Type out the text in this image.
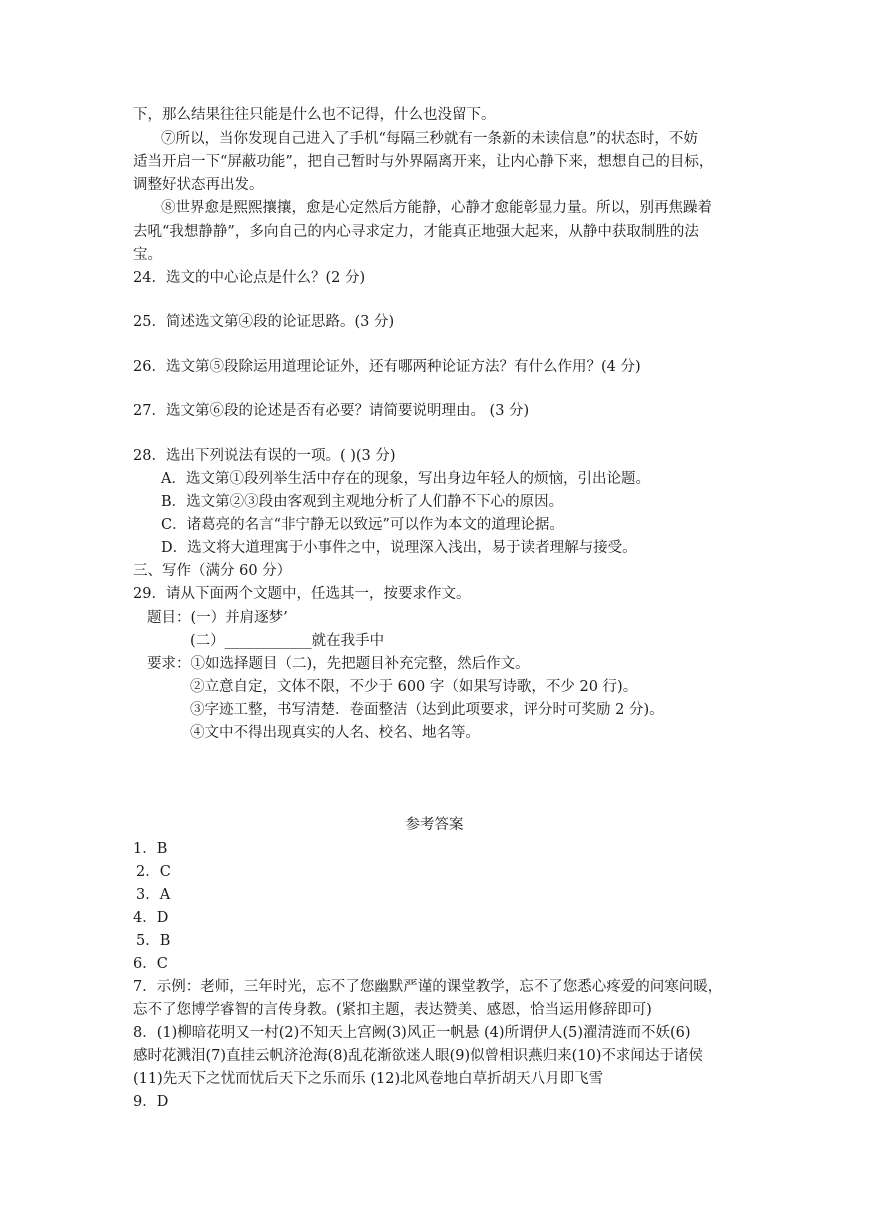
下，那么结果往往只能是什么也不记得，什么也没留下。
⑦所以，当你发现自己进入了手机“每隔三秒就有一条新的未读信息”的状态时，不妨
适当开启一下“屏蔽功能”，把自己暂时与外界隔离开来，让内心静下来，想想自己的目标，
调整好状态再出发。
⑧世界愈是熙熙攘攘，愈是心定然后方能静，心静才愈能彰显力量。所以，别再焦躁着
去吼“我想静静”，多向自己的内心寻求定力，才能真正地强大起来，从静中获取制胜的法
宝。
24．选文的中心论点是什么？(2 分)
25．简述选文第④段的论证思路。(3 分)
26．选文第⑤段除运用道理论证外，还有哪两种论证方法？有什么作用？(4 分)
27．选文第⑥段的论述是否有必要？请简要说明理由。 (3 分)
28．选出下列说法有误的一项。( )(3 分)
A．选文第①段列举生活中存在的现象，写出身边年轻人的烦恼，引出论题。
B．选文第②③段由客观到主观地分析了人们静不下心的原因。
C．诸葛亮的名言“非宁静无以致远”可以作为本文的道理论据。
D．选文将大道理寓于小事件之中，说理深入浅出，易于读者理解与接受。
三、写作（满分 60 分）
29．请从下面两个文题中，任选其一，按要求作文。
题目：(一）并肩逐梦’
(二）____________就在我手中
要求：①如选择题目（二)，先把题目补充完整，然后作文。
②立意自定，文体不限，不少于 600 字（如果写诗歌，不少 20 行)。
③字迹工整，书写清楚．卷面整洁（达到此项要求，评分时可奖励 2 分)。
④文中不得出现真实的人名、校名、地名等。
参考答案
1．B
2．C
3．A
4．D
5．B
6．C
7．示例：老师，三年时光，忘不了您幽默严谨的课堂教学，忘不了您悉心疼爱的问寒问暖，
忘不了您博学睿智的言传身教。(紧扣主题，表达赞美、感恩，恰当运用修辞即可)
8．(1)柳暗花明又一村(2)不知天上宫阙(3)风正一帆悬 (4)所谓伊人(5)濯清涟而不妖(6)
感时花溅泪(7)直挂云帆济沧海(8)乱花渐欲迷人眼(9)似曾相识燕归来(10)不求闻达于诸侯
(11)先天下之忧而忧后天下之乐而乐 (12)北风卷地白草折胡天八月即飞雪
9．D
